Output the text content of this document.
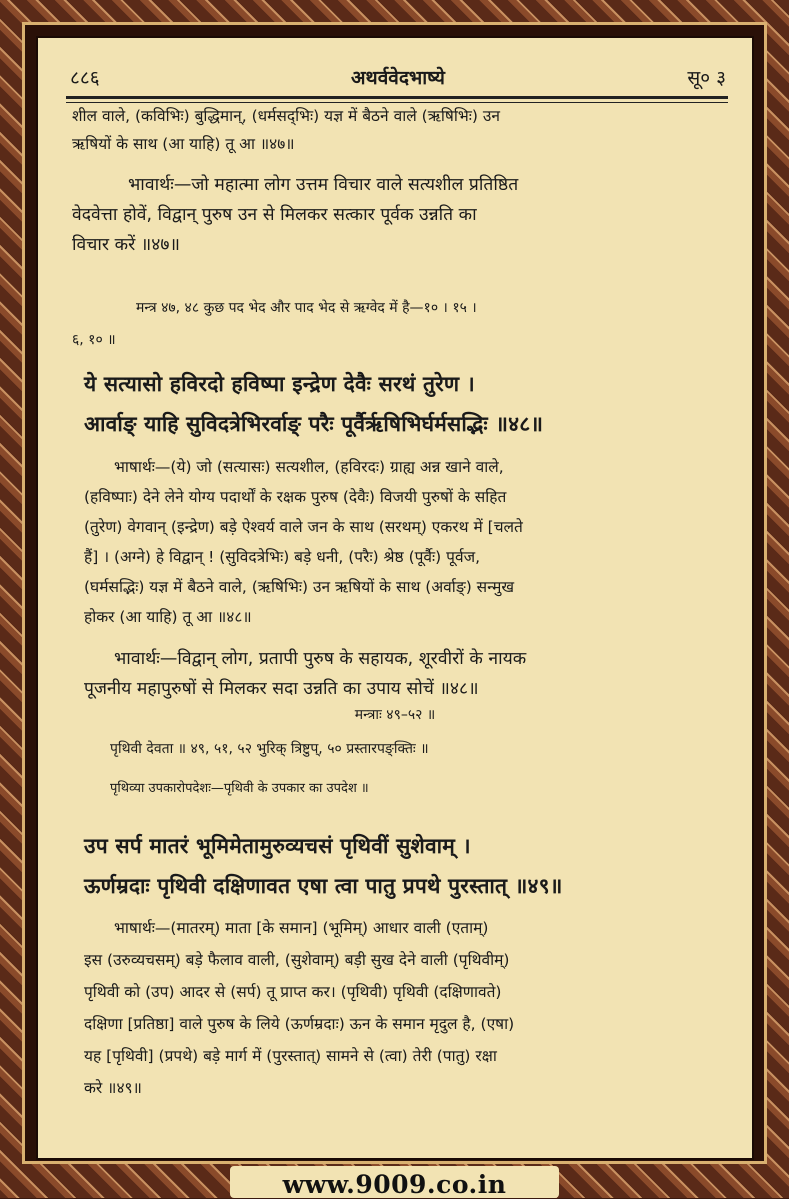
८८६	अथर्ववेदभाष्ये	सू० ३
शील वाले, (कविभिः) बुद्धिमान्, (धर्मसद्‌भिः) यज्ञ में बैठने वाले (ऋषिभिः) उन
ऋषियों के साथ (आ याहि) तू आ ॥४७॥
भावार्थः—जो महात्मा लोग उत्तम विचार वाले सत्यशील प्रतिष्ठित
वेदवेत्ता होवें, विद्वान् पुरुष उन से मिलकर सत्कार पूर्वक उन्नति का
विचार करें ॥४७॥
मन्त्र ४७, ४८ कुछ पद भेद और पाद भेद से ऋग्वेद में है—१० । १५ ।
६, १० ॥
ये सत्यासो हविरदो हविष्पा इन्द्रेण देवैः सरथं तुरेण ।
आर्वाङ् याहि सुविदत्रेभिरर्वाङ् परैः पूर्वैर्ऋषिभिर्घर्मसद्भिः ॥४८॥
भाषार्थः—(ये) जो (सत्यासः) सत्यशील, (हविरदः) ग्राह्य अन्न खाने वाले,
(हविष्पाः) देने लेने योग्य पदार्थों के रक्षक पुरुष (देवैः) विजयी पुरुषों के सहित
(तुरेण) वेगवान् (इन्द्रेण) बड़े ऐश्वर्य वाले जन के साथ (सरथम्) एकरथ में [चलते
हैं] । (अग्ने) हे विद्वान् ! (सुविदत्रेभिः) बड़े धनी, (परैः) श्रेष्ठ (पूर्वैः) पूर्वज,
(घर्मसद्भिः) यज्ञ में बैठने वाले, (ऋषिभिः) उन ऋषियों के साथ (अर्वाङ्) सन्मुख
होकर (आ याहि) तू आ ॥४८॥
भावार्थः—विद्वान् लोग, प्रतापी पुरुष के सहायक, शूरवीरों के नायक
पूजनीय महापुरुषों से मिलकर सदा उन्नति का उपाय सोचें ॥४८॥
मन्त्राः ४९–५२ ॥
पृथिवी देवता ॥ ४९, ५१, ५२ भुरिक् त्रिष्टुप्, ५० प्रस्तारपङ्क्तिः ॥
पृथिव्या उपकारोपदेशः—पृथिवी के उपकार का उपदेश ॥
उप सर्प मातरं भूमिमेतामुरुव्यचसं पृथिवीं सुशेवाम् ।
ऊर्णम्रदाः पृथिवी दक्षिणावत एषा त्वा पातु प्रपथे पुरस्तात् ॥४९॥
भाषार्थः—(मातरम्) माता [के समान] (भूमिम्) आधार वाली (एताम्)
इस (उरुव्यचसम्) बड़े फैलाव वाली, (सुशेवाम्) बड़ी सुख देने वाली (पृथिवीम्)
पृथिवी को (उप) आदर से (सर्प) तू प्राप्त कर। (पृथिवी) पृथिवी (दक्षिणावते)
दक्षिणा [प्रतिष्ठा] वाले पुरुष के लिये (ऊर्णम्रदाः) ऊन के समान मृदुल है, (एषा)
यह [पृथिवी] (प्रपथे) बड़े मार्ग में (पुरस्तात्) सामने से (त्वा) तेरी (पातु) रक्षा
करे ॥४९॥
www.9009.co.in
